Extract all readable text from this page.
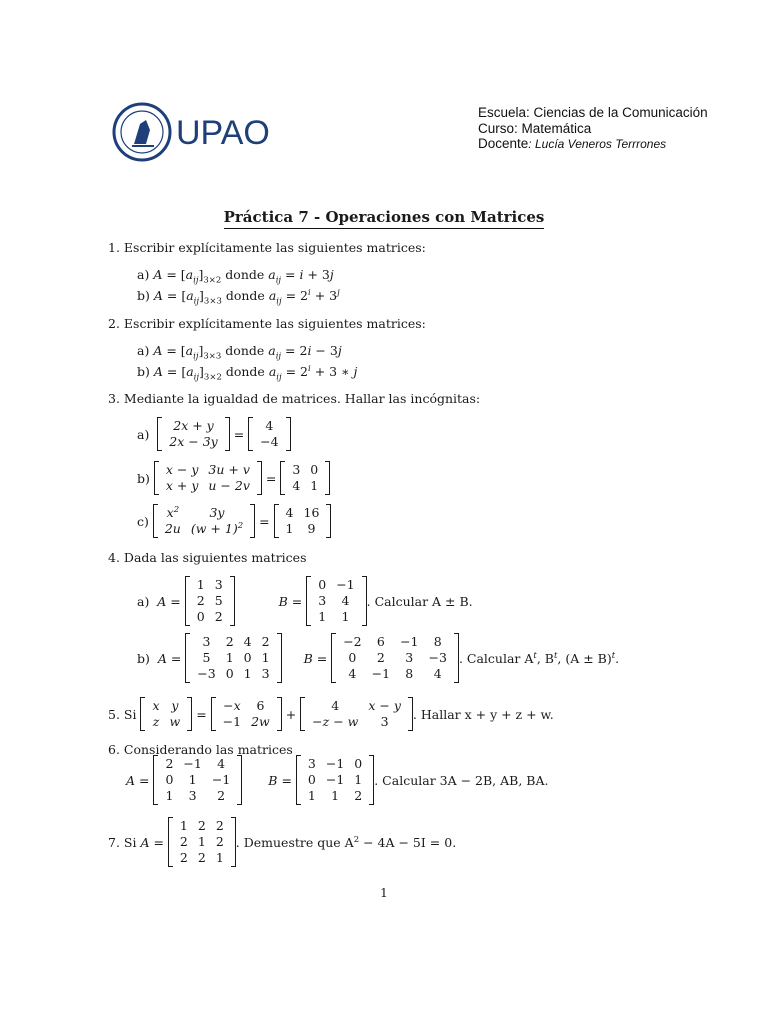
UPAO
Escuela: Ciencias de la Comunicación
Curso: Matemática
Docente: Lucía Veneros Terrrones
Práctica 7 - Operaciones con Matrices
1. Escribir explícitamente las siguientes matrices:
a) $A = [a_{ij}]_{3\times 2}$ donde $a_{ij} = i + 3j$
b) $A = [a_{ij}]_{3\times 3}$ donde $a_{ij} = 2^i + 3^j$
2. Escribir explícitamente las siguientes matrices:
a) $A = [a_{ij}]_{3\times 3}$ donde $a_{ij} = 2i - 3j$
b) $A = [a_{ij}]_{3\times 2}$ donde $a_{ij} = 2^i + 3$ ∗ j
3. Mediante la igualdad de matrices. Hallar las incógnitas:
a)
2x + y
2x − 3y =
4
−4
b)
x − y	3u + v
x + y	u − 2v =
3	0
4	1
c)
$x^2$	3y
2u	$(w + 1)^2$ =
4	16
1	9
4. Dada las siguientes matrices
a)  A =
1	3
2	5
0	2
B =
0	−1
3	4
1	1
. Calcular A ± B.
b)  A =
3	2	4	2
5	1	0	1
−3	0	1	3
B =
−2	6	−1	8
0	2	3	−3
4	−1	8	4
. Calcular $A^t$, $B^t$, $(A \pm B)^t$.
5.
Si

x	y
z	w =
−x	6
−1	2w +
4	x − y
−z − w	3 . Hallar x + y + z + w.
6. Considerando las matrices
A =
2	−1	4
0	1	−1
1	3	2
B =
3	−1	0
0	−1	1
1	1	2
. Calcular 3A − 2B, AB, BA.
7.
Si A =
1	2	2
2	1	2
2	2	1
. Demuestre que $A^2 - 4A - 5I = 0$.
1
